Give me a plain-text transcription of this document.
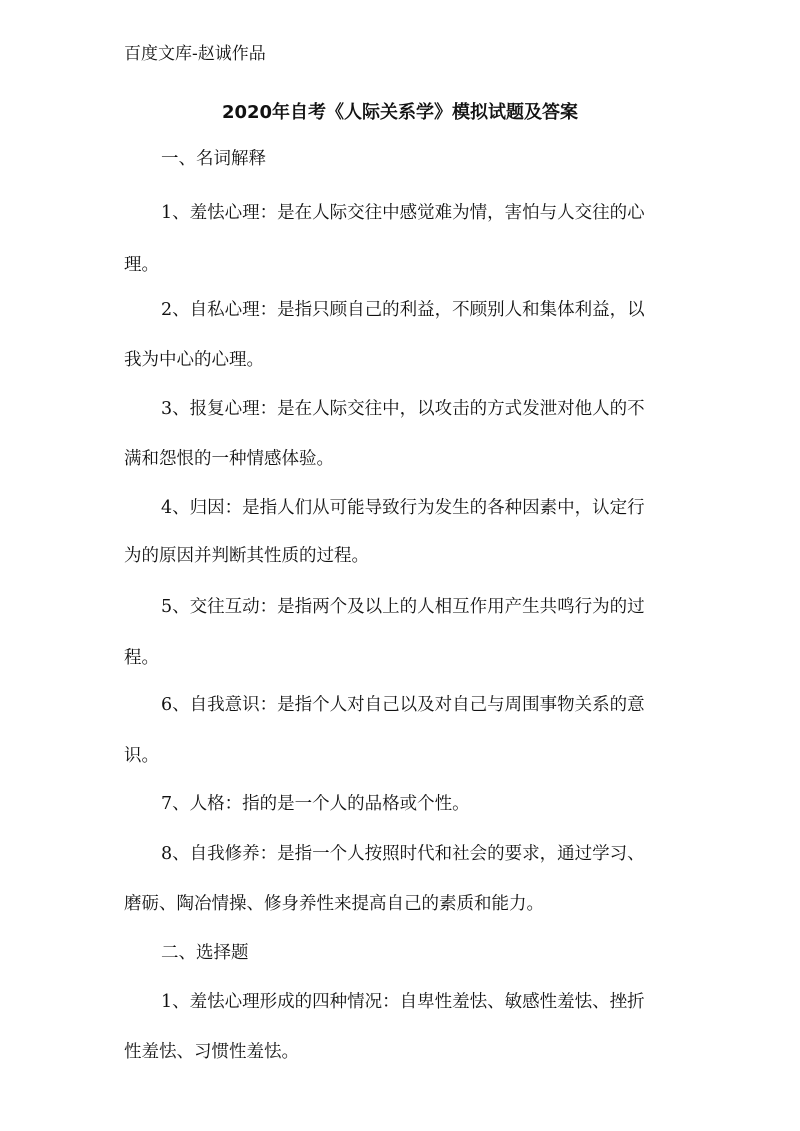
百度文库-赵诚作品
2020年自考《人际关系学》模拟试题及答案
一、名词解释
1、羞怯心理：是在人际交往中感觉难为情，害怕与人交往的心
理。
2、自私心理：是指只顾自己的利益，不顾别人和集体利益，以
我为中心的心理。
3、报复心理：是在人际交往中，以攻击的方式发泄对他人的不
满和怨恨的一种情感体验。
4、归因：是指人们从可能导致行为发生的各种因素中，认定行
为的原因并判断其性质的过程。
5、交往互动：是指两个及以上的人相互作用产生共鸣行为的过
程。
6、自我意识：是指个人对自己以及对自己与周围事物关系的意
识。
7、人格：指的是一个人的品格或个性。
8、自我修养：是指一个人按照时代和社会的要求，通过学习、
磨砺、陶冶情操、修身养性来提高自己的素质和能力。
二、选择题
1、羞怯心理形成的四种情况：自卑性羞怯、敏感性羞怯、挫折
性羞怯、习惯性羞怯。
